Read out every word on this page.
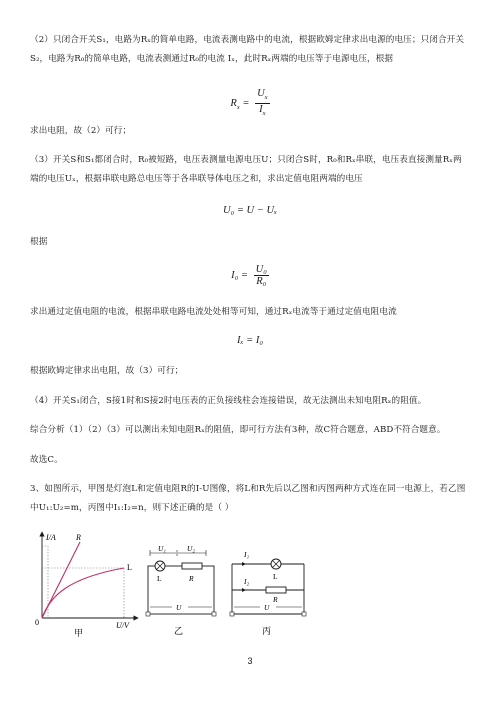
（2）只闭合开关S₁，电路为Rₓ的简单电路，电流表测电路中的电流，根据欧姆定律求出电源的电压；只闭合开关S₂，电路为R₀的简单电路，电流表测通过R₀的电流 Iₓ，此时Rₓ两端的电压等于电源电压，根据
$R_x = \frac{U_x}{I_x}$
求出电阻，故（2）可行；
（3）开关S和S₁都闭合时，R₀被短路，电压表测量电源电压U；只闭合S时，R₀和Rₓ串联，电压表直接测量Rₓ两端的电压Uₓ，根据串联电路总电压等于各串联导体电压之和，求出定值电阻两端的电压
U₀ = U − Uₓ
根据
$I_0 = \frac{\text{U₀}}{\text{R₀}}$
求出通过定值电阻的电流，根据串联电路电流处处相等可知，通过Rₓ电流等于通过定值电阻电流
Iₓ = I₀
根据欧姆定律求出电阻，故（3）可行；
（4）开关S₁闭合，S接1时和S接2时电压表的正负接线柱会连接错误，故无法测出未知电阻Rₓ的阻值。
综合分析（1）（2）（3）可以测出未知电阻Rₓ的阻值，即可行方法有3种，故C符合题意，ABD不符合题意。
故选C。
3、如图所示，甲图是灯泡L和定值电阻R的I-U图像，将L和R先后以乙图和丙图两种方式连在同一电源上，若乙图中U₁:U₂=m，丙图中I₁:I₂=n，则下述正确的是（ ）
I/A	R
L
0	U/V
甲
U₁	U₂
L	R
U
乙
I₁
I₂
L
R
U
丙
3
